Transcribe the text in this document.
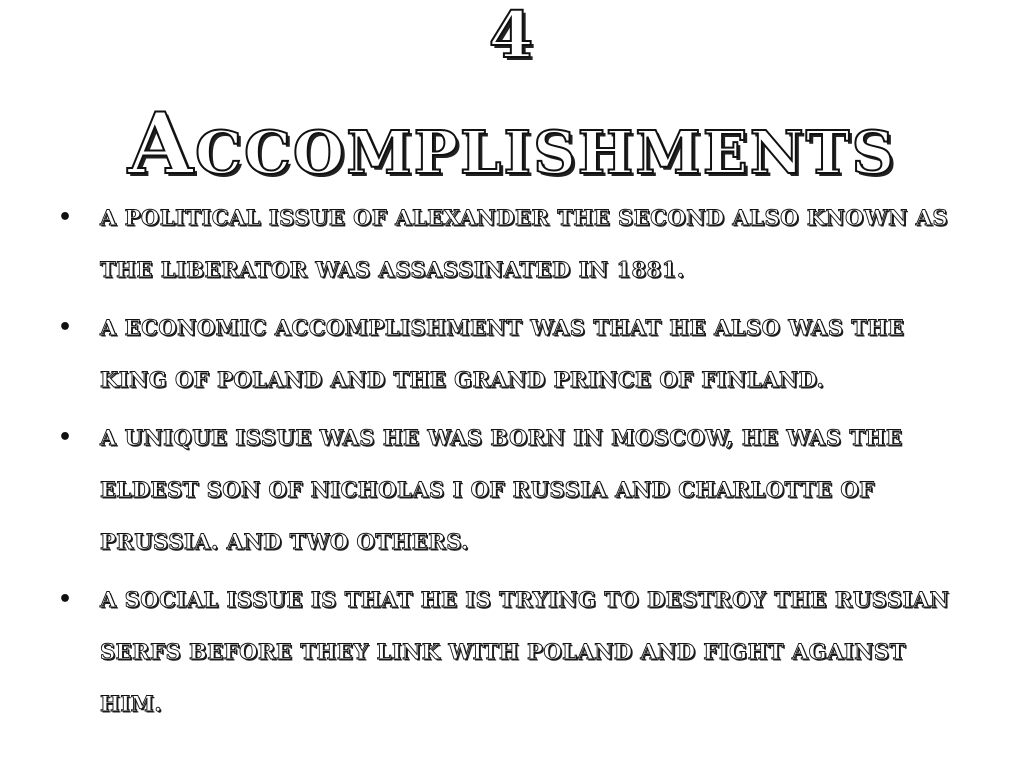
4
Accomplishments
• A POLITICAL ISSUE OF ALEXANDER THE SECOND ALSO KNOWN AS THE LIBERATOR WAS ASSASSINATED IN 1881.
• A ECONOMIC ACCOMPLISHMENT WAS THAT HE ALSO WAS THE KING OF POLAND AND THE GRAND PRINCE OF FINLAND.
• A UNIQUE ISSUE WAS HE WAS BORN IN MOSCOW, HE WAS THE ELDEST SON OF NICHOLAS I OF RUSSIA AND CHARLOTTE OF PRUSSIA. AND TWO OTHERS.
• A SOCIAL ISSUE IS THAT HE IS TRYING TO DESTROY THE RUSSIAN SERFS BEFORE THEY LINK WITH POLAND AND FIGHT AGAINST HIM.
